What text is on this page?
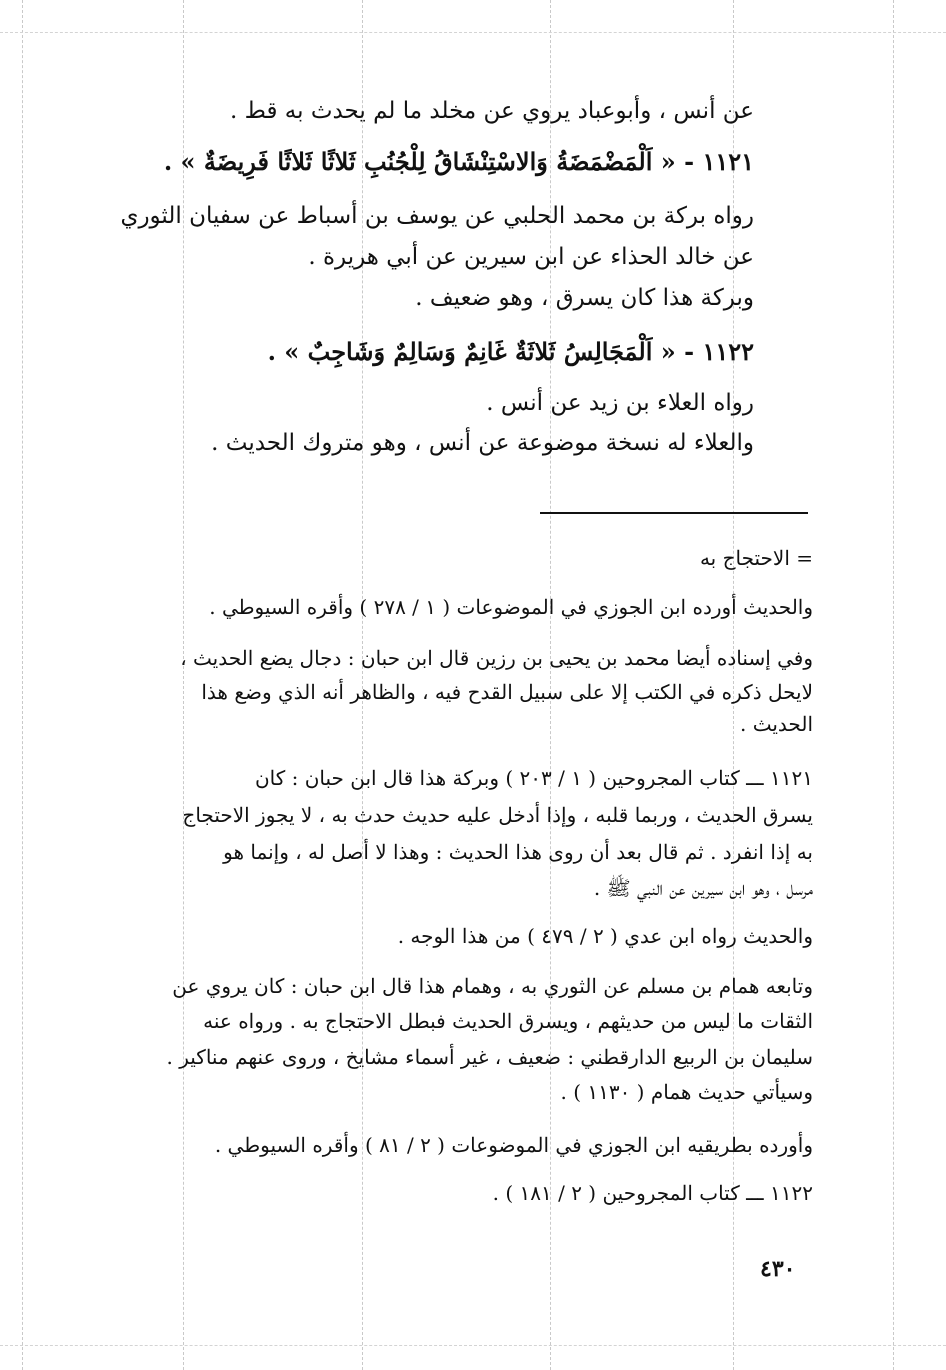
عن أنس ، وأبوعباد يروي عن مخلد ما لم يحدث به قط .
١١٢١ - « اَلْمَضْمَضَةُ وَالاسْتِنْشَاقُ لِلْجُنُبِ ثَلاثًا ثَلاثًا فَرِيضَةٌ » .
رواه بركة بن محمد الحلبي عن يوسف بن أسباط عن سفيان الثوري
عن خالد الحذاء عن ابن سيرين عن أبي هريرة .
وبركة هذا كان يسرق ، وهو ضعيف .
١١٢٢ - « اَلْمَجَالِسُ ثَلاثَةٌ غَانِمٌ وَسَالِمٌ وَشَاجِبٌ » .
رواه العلاء بن زيد عن أنس .
والعلاء له نسخة موضوعة عن أنس ، وهو متروك الحديث .
= الاحتجاج به
والحديث أورده ابن الجوزي في الموضوعات ( ١ / ٢٧٨ ) وأقره السيوطي .
وفي إسناده أيضا محمد بن يحيى بن رزين قال ابن حبان : دجال يضع الحديث ،
لايحل ذكره في الكتب إلا على سبيل القدح فيه ، والظاهر أنه الذي وضع هذا
الحديث .
١١٢١ ـــ كتاب المجروحين ( ١ / ٢٠٣ ) وبركة هذا قال ابن حبان : كان
يسرق الحديث ، وربما قلبه ، وإذا أدخل عليه حديث حدث به ، لا يجوز الاحتجاج
به إذا انفرد . ثم قال بعد أن روى هذا الحديث : وهذا لا أصل له ، وإنما هو
مرسل ، وهو ابن سيرين عن النبي ﷺ .
والحديث رواه ابن عدي ( ٢ / ٤٧٩ ) من هذا الوجه .
وتابعه همام بن مسلم عن الثوري به ، وهمام هذا قال ابن حبان : كان يروي عن
الثقات ما ليس من حديثهم ، ويسرق الحديث فبطل الاحتجاج به . ورواه عنه
سليمان بن الربيع الدارقطني : ضعيف ، غير أسماء مشايخ ، وروى عنهم مناكير .
وسيأتي حديث همام ( ١١٣٠ ) .
وأورده بطريقيه ابن الجوزي في الموضوعات ( ٢ / ٨١ ) وأقره السيوطي .
١١٢٢ ـــ كتاب المجروحين ( ٢ / ١٨١ ) .
٤٣٠
